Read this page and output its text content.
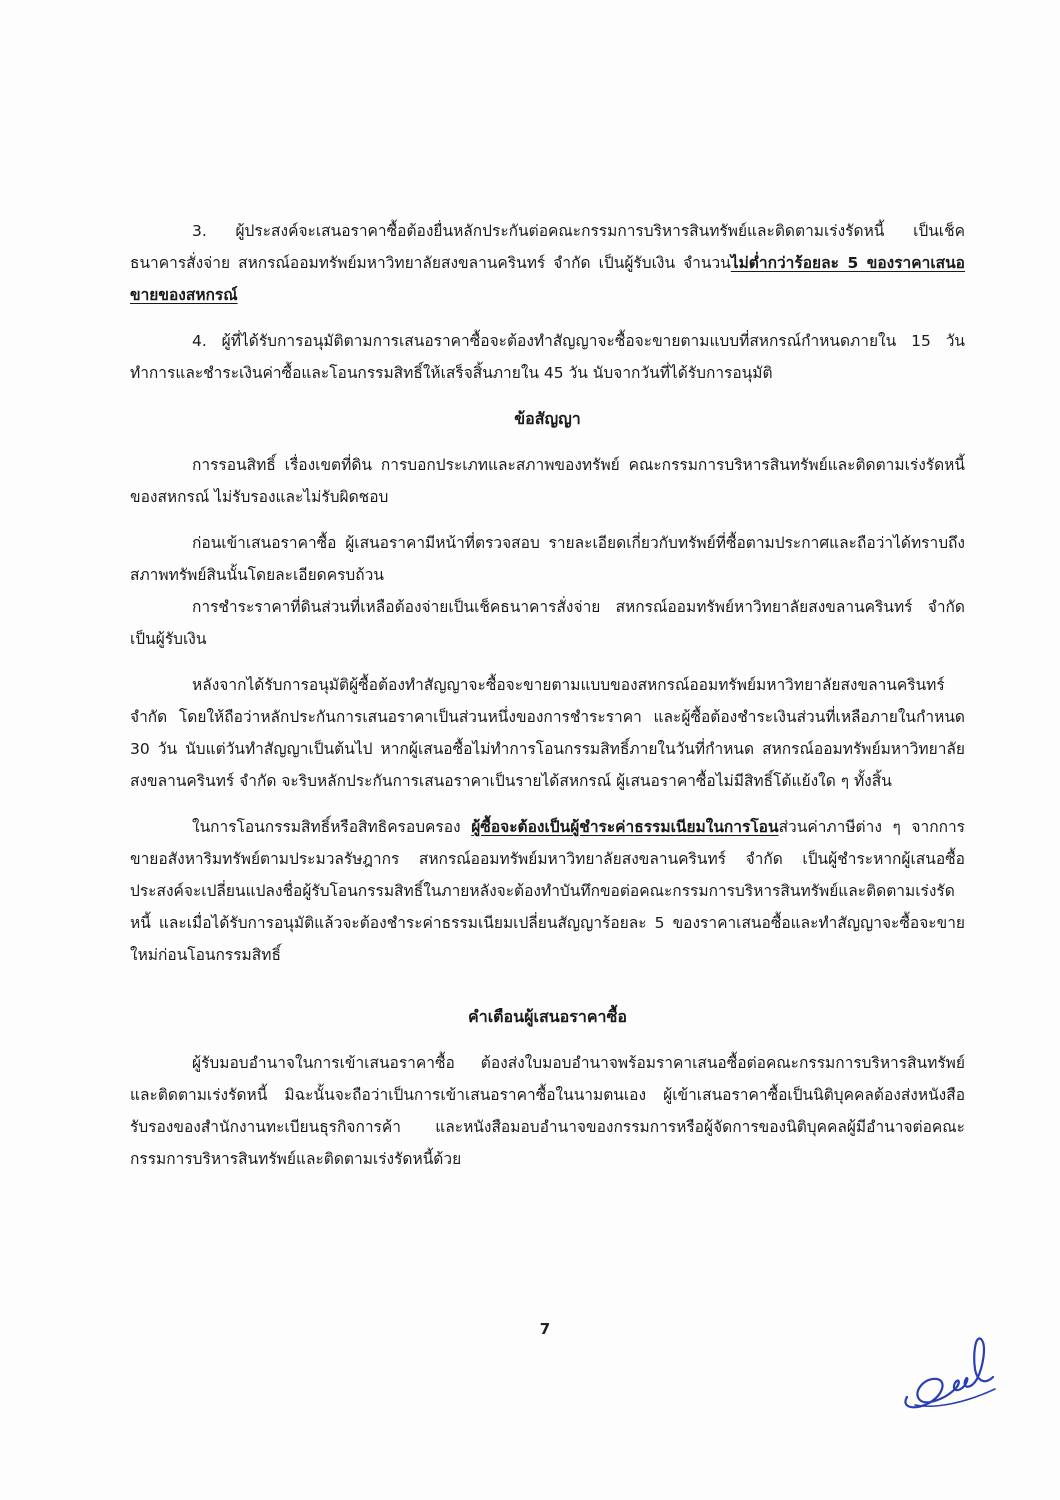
3. ผู้ประสงค์จะเสนอราคาซื้อต้องยื่นหลักประกันต่อคณะกรรมการบริหารสินทรัพย์และติดตามเร่งรัดหนี้ เป็นเช็คธนาคารสั่งจ่าย สหกรณ์ออมทรัพย์มหาวิทยาลัยสงขลานครินทร์ จำกัด เป็นผู้รับเงิน จำนวนไม่ต่ำกว่าร้อยละ 5 ของราคาเสนอขายของสหกรณ์

4. ผู้ที่ได้รับการอนุมัติตามการเสนอราคาซื้อจะต้องทำสัญญาจะซื้อจะขายตามแบบที่สหกรณ์กำหนดภายใน 15 วันทำการและชำระเงินค่าซื้อและโอนกรรมสิทธิ์ให้เสร็จสิ้นภายใน 45 วัน นับจากวันที่ได้รับการอนุมัติ

ข้อสัญญา

การรอนสิทธิ์ เรื่องเขตที่ดิน การบอกประเภทและสภาพของทรัพย์ คณะกรรมการบริหารสินทรัพย์และติดตามเร่งรัดหนี้ของสหกรณ์ ไม่รับรองและไม่รับผิดชอบ

ก่อนเข้าเสนอราคาซื้อ ผู้เสนอราคามีหน้าที่ตรวจสอบ รายละเอียดเกี่ยวกับทรัพย์ที่ซื้อตามประกาศและถือว่าได้ทราบถึงสภาพทรัพย์สินนั้นโดยละเอียดครบถ้วน

การชำระราคาที่ดินส่วนที่เหลือต้องจ่ายเป็นเช็คธนาคารสั่งจ่าย สหกรณ์ออมทรัพย์หาวิทยาลัยสงขลานครินทร์ จำกัด เป็นผู้รับเงิน

หลังจากได้รับการอนุมัติผู้ซื้อต้องทำสัญญาจะซื้อจะขายตามแบบของสหกรณ์ออมทรัพย์มหาวิทยาลัยสงขลานครินทร์ จำกัด โดยให้ถือว่าหลักประกันการเสนอราคาเป็นส่วนหนึ่งของการชำระราคา และผู้ซื้อต้องชำระเงินส่วนที่เหลือภายในกำหนด 30 วัน นับแต่วันทำสัญญาเป็นต้นไป หากผู้เสนอซื้อไม่ทำการโอนกรรมสิทธิ์ภายในวันที่กำหนด สหกรณ์ออมทรัพย์มหาวิทยาลัยสงขลานครินทร์ จำกัด จะริบหลักประกันการเสนอราคาเป็นรายได้สหกรณ์ ผู้เสนอราคาซื้อไม่มีสิทธิ์โต้แย้งใด ๆ ทั้งสิ้น

ในการโอนกรรมสิทธิ์หรือสิทธิครอบครอง ผู้ซื้อจะต้องเป็นผู้ชำระค่าธรรมเนียมในการโอนส่วนค่าภาษีต่าง ๆ จากการขายอสังหาริมทรัพย์ตามประมวลรัษฎากร สหกรณ์ออมทรัพย์มหาวิทยาลัยสงขลานครินทร์ จำกัด เป็นผู้ชำระหากผู้เสนอซื้อประสงค์จะเปลี่ยนแปลงชื่อผู้รับโอนกรรมสิทธิ์ในภายหลังจะต้องทำบันทึกขอต่อคณะกรรมการบริหารสินทรัพย์และติดตามเร่งรัดหนี้ และเมื่อได้รับการอนุมัติแล้วจะต้องชำระค่าธรรมเนียมเปลี่ยนสัญญาร้อยละ 5 ของราคาเสนอซื้อและทำสัญญาจะซื้อจะขายใหม่ก่อนโอนกรรมสิทธิ์

คำเตือนผู้เสนอราคาซื้อ

ผู้รับมอบอำนาจในการเข้าเสนอราคาซื้อ ต้องส่งใบมอบอำนาจพร้อมราคาเสนอซื้อต่อคณะกรรมการบริหารสินทรัพย์และติดตามเร่งรัดหนี้ มิฉะนั้นจะถือว่าเป็นการเข้าเสนอราคาซื้อในนามตนเอง ผู้เข้าเสนอราคาซื้อเป็นนิติบุคคลต้องส่งหนังสือรับรองของสำนักงานทะเบียนธุรกิจการค้า และหนังสือมอบอำนาจของกรรมการหรือผู้จัดการของนิติบุคคลผู้มีอำนาจต่อคณะกรรมการบริหารสินทรัพย์และติดตามเร่งรัดหนี้ด้วย

7
